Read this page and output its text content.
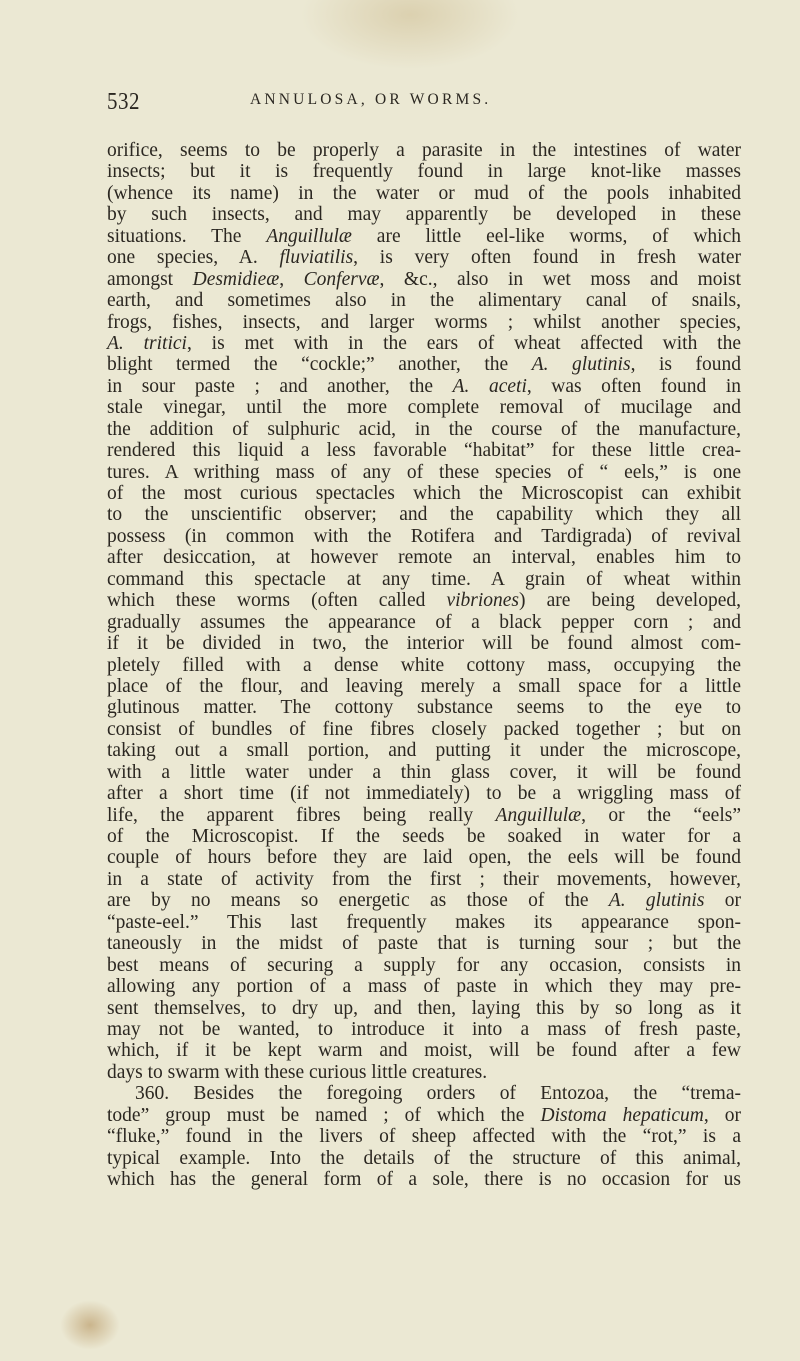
532	ANNULOSA, OR WORMS.
orifice, seems to be properly a parasite in the intestines of water
insects; but it is frequently found in large knot-like masses
(whence its name) in the water or mud of the pools inhabited
by such insects, and may apparently be developed in these
situations. The Anguillulæ are little eel-like worms, of which
one species, A. fluviatilis, is very often found in fresh water
amongst Desmidieæ, Confervæ, &c., also in wet moss and moist
earth, and sometimes also in the alimentary canal of snails,
frogs, fishes, insects, and larger worms ; whilst another species,
A. tritici, is met with in the ears of wheat affected with the
blight termed the “cockle;” another, the A. glutinis, is found
in sour paste ; and another, the A. aceti, was often found in
stale vinegar, until the more complete removal of mucilage and
the addition of sulphuric acid, in the course of the manufacture,
rendered this liquid a less favorable “habitat” for these little crea-
tures. A writhing mass of any of these species of “ eels,” is one
of the most curious spectacles which the Microscopist can exhibit
to the unscientific observer; and the capability which they all
possess (in common with the Rotifera and Tardigrada) of revival
after desiccation, at however remote an interval, enables him to
command this spectacle at any time. A grain of wheat within
which these worms (often called vibriones) are being developed,
gradually assumes the appearance of a black pepper corn ; and
if it be divided in two, the interior will be found almost com-
pletely filled with a dense white cottony mass, occupying the
place of the flour, and leaving merely a small space for a little
glutinous matter. The cottony substance seems to the eye to
consist of bundles of fine fibres closely packed together ; but on
taking out a small portion, and putting it under the microscope,
with a little water under a thin glass cover, it will be found
after a short time (if not immediately) to be a wriggling mass of
life, the apparent fibres being really Anguillulæ, or the “eels”
of the Microscopist. If the seeds be soaked in water for a
couple of hours before they are laid open, the eels will be found
in a state of activity from the first ; their movements, however,
are by no means so energetic as those of the A. glutinis or
“paste-eel.” This last frequently makes its appearance spon-
taneously in the midst of paste that is turning sour ; but the
best means of securing a supply for any occasion, consists in
allowing any portion of a mass of paste in which they may pre-
sent themselves, to dry up, and then, laying this by so long as it
may not be wanted, to introduce it into a mass of fresh paste,
which, if it be kept warm and moist, will be found after a few
days to swarm with these curious little creatures.
360. Besides the foregoing orders of Entozoa, the “trema-
tode” group must be named ; of which the Distoma hepaticum, or
“fluke,” found in the livers of sheep affected with the “rot,” is a
typical example. Into the details of the structure of this animal,
which has the general form of a sole, there is no occasion for us
